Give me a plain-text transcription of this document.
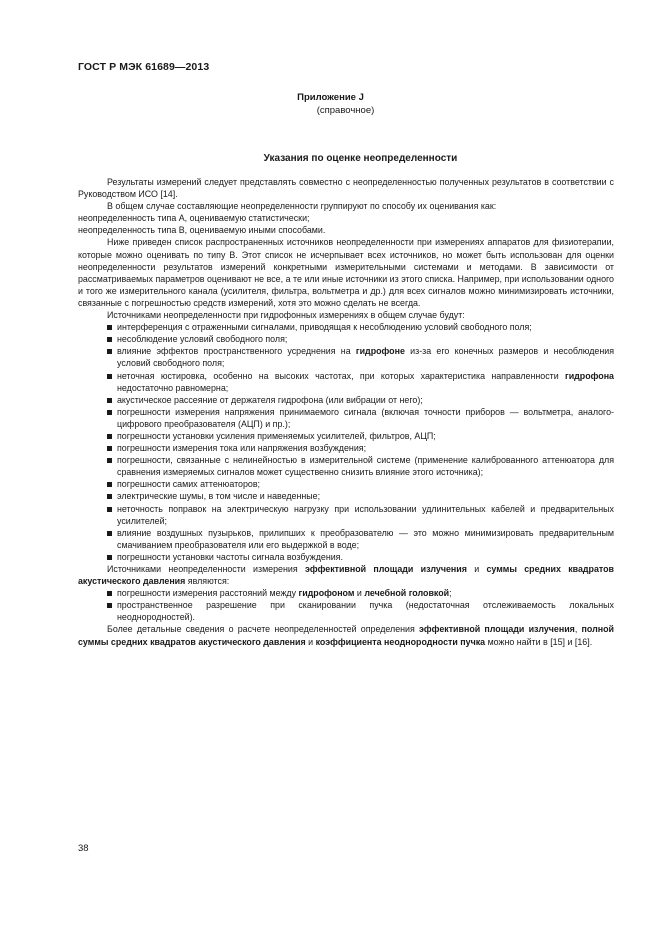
ГОСТ Р МЭК 61689—2013
Приложение J
(справочное)
Указания по оценке неопределенности

Результаты измерений следует представлять совместно с неопределенностью полученных результатов в соответствии с Руководством ИСО [14].

В общем случае составляющие неопределенности группируют по способу их оценивания как:

неопределенность типа А, оцениваемую статистически;

неопределенность типа В, оцениваемую иными способами.

Ниже приведен список распространенных источников неопределенности при измерениях аппаратов для физиотерапии, которые можно оценивать по типу В. Этот список не исчерпывает всех источников, но может быть использован для оценки неопределенности результатов измерений конкретными измерительными системами и методами. В зависимости от рассматриваемых параметров оценивают не все, а те или иные источники из этого списка. Например, при использовании одного и того же измерительного канала (усилителя, фильтра, вольтметра и др.) для всех сигналов можно минимизировать источники, связанные с погрешностью средств измерений, хотя это можно сделать не всегда.

Источниками неопределенности при гидрофонных измерениях в общем случае будут:

интерференция с отраженными сигналами, приводящая к несоблюдению условий свободного поля;

несоблюдение условий свободного поля;

влияние эффектов пространственного усреднения на гидрофоне из-за его конечных размеров и несоблюдения условий свободного поля;

неточная юстировка, особенно на высоких частотах, при которых характеристика направленности гидрофона недостаточно равномерна;

акустическое рассеяние от держателя гидрофона (или вибрации от него);

погрешности измерения напряжения принимаемого сигнала (включая точности приборов — вольтметра, аналого-цифрового преобразователя (АЦП) и пр.);

погрешности установки усиления применяемых усилителей, фильтров, АЦП;

погрешности измерения тока или напряжения возбуждения;

погрешности, связанные с нелинейностью в измерительной системе (применение калиброванного аттенюатора для сравнения измеряемых сигналов может существенно снизить влияние этого источника);

погрешности самих аттенюаторов;

электрические шумы, в том числе и наведенные;

неточность поправок на электрическую нагрузку при использовании удлинительных кабелей и предварительных усилителей;

влияние воздушных пузырьков, прилипших к преобразователю — это можно минимизировать предварительным смачиванием преобразователя или его выдержкой в воде;

погрешности установки частоты сигнала возбуждения.

Источниками неопределенности измерения эффективной площади излучения и суммы средних квадратов акустического давления являются:

погрешности измерения расстояний между гидрофоном и лечебной головкой;

пространственное разрешение при сканировании пучка (недостаточная отслеживаемость локальных неоднородностей).

Более детальные сведения о расчете неопределенностей определения эффективной площади излучения, полной суммы средних квадратов акустического давления и коэффициента неоднородности пучка можно найти в [15] и [16].

38
